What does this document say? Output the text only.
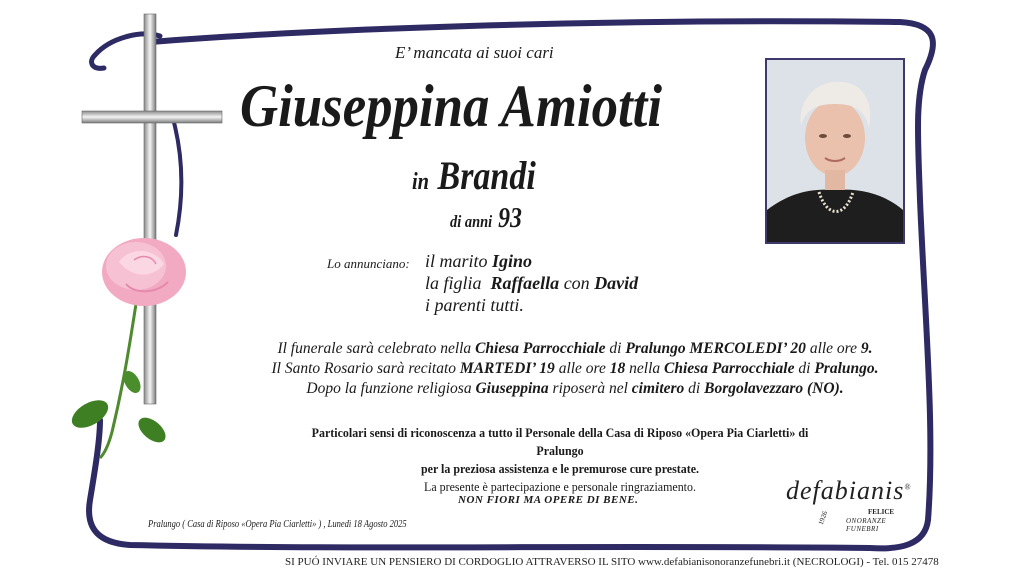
E’ mancata ai suoi cari
Giuseppina Amiotti
in Brandi
di anni 93
Lo annunciano: il marito Igino
la figlia Raffaella con David
i parenti tutti.
Il funerale sarà celebrato nella Chiesa Parrocchiale di Pralungo MERCOLEDI’ 20 alle ore 9.
Il Santo Rosario sarà recitato MARTEDI’ 19 alle ore 18 nella Chiesa Parrocchiale di Pralungo.
Dopo la funzione religiosa Giuseppina riposerà nel cimitero di Borgolavezzaro (NO).
Particolari sensi di riconoscenza a tutto il Personale della Casa di Riposo «Opera Pia Ciarletti» di Pralungo
per la preziosa assistenza e le premurose cure prestate.
La presente è partecipazione e personale ringraziamento.
NON FIORI MA OPERE DI BENE.
Pralungo ( Casa di Riposo «Opera Pia Ciarletti» ) , Lunedì 18 Agosto 2025
defabianis®
FELICE
ONORANZE FUNEBRI
1926
SI PUÓ INVIARE UN PENSIERO DI CORDOGLIO ATTRAVERSO IL SITO www.defabianisonoranzefunebri.it (NECROLOGI) - Tel. 015 27478
